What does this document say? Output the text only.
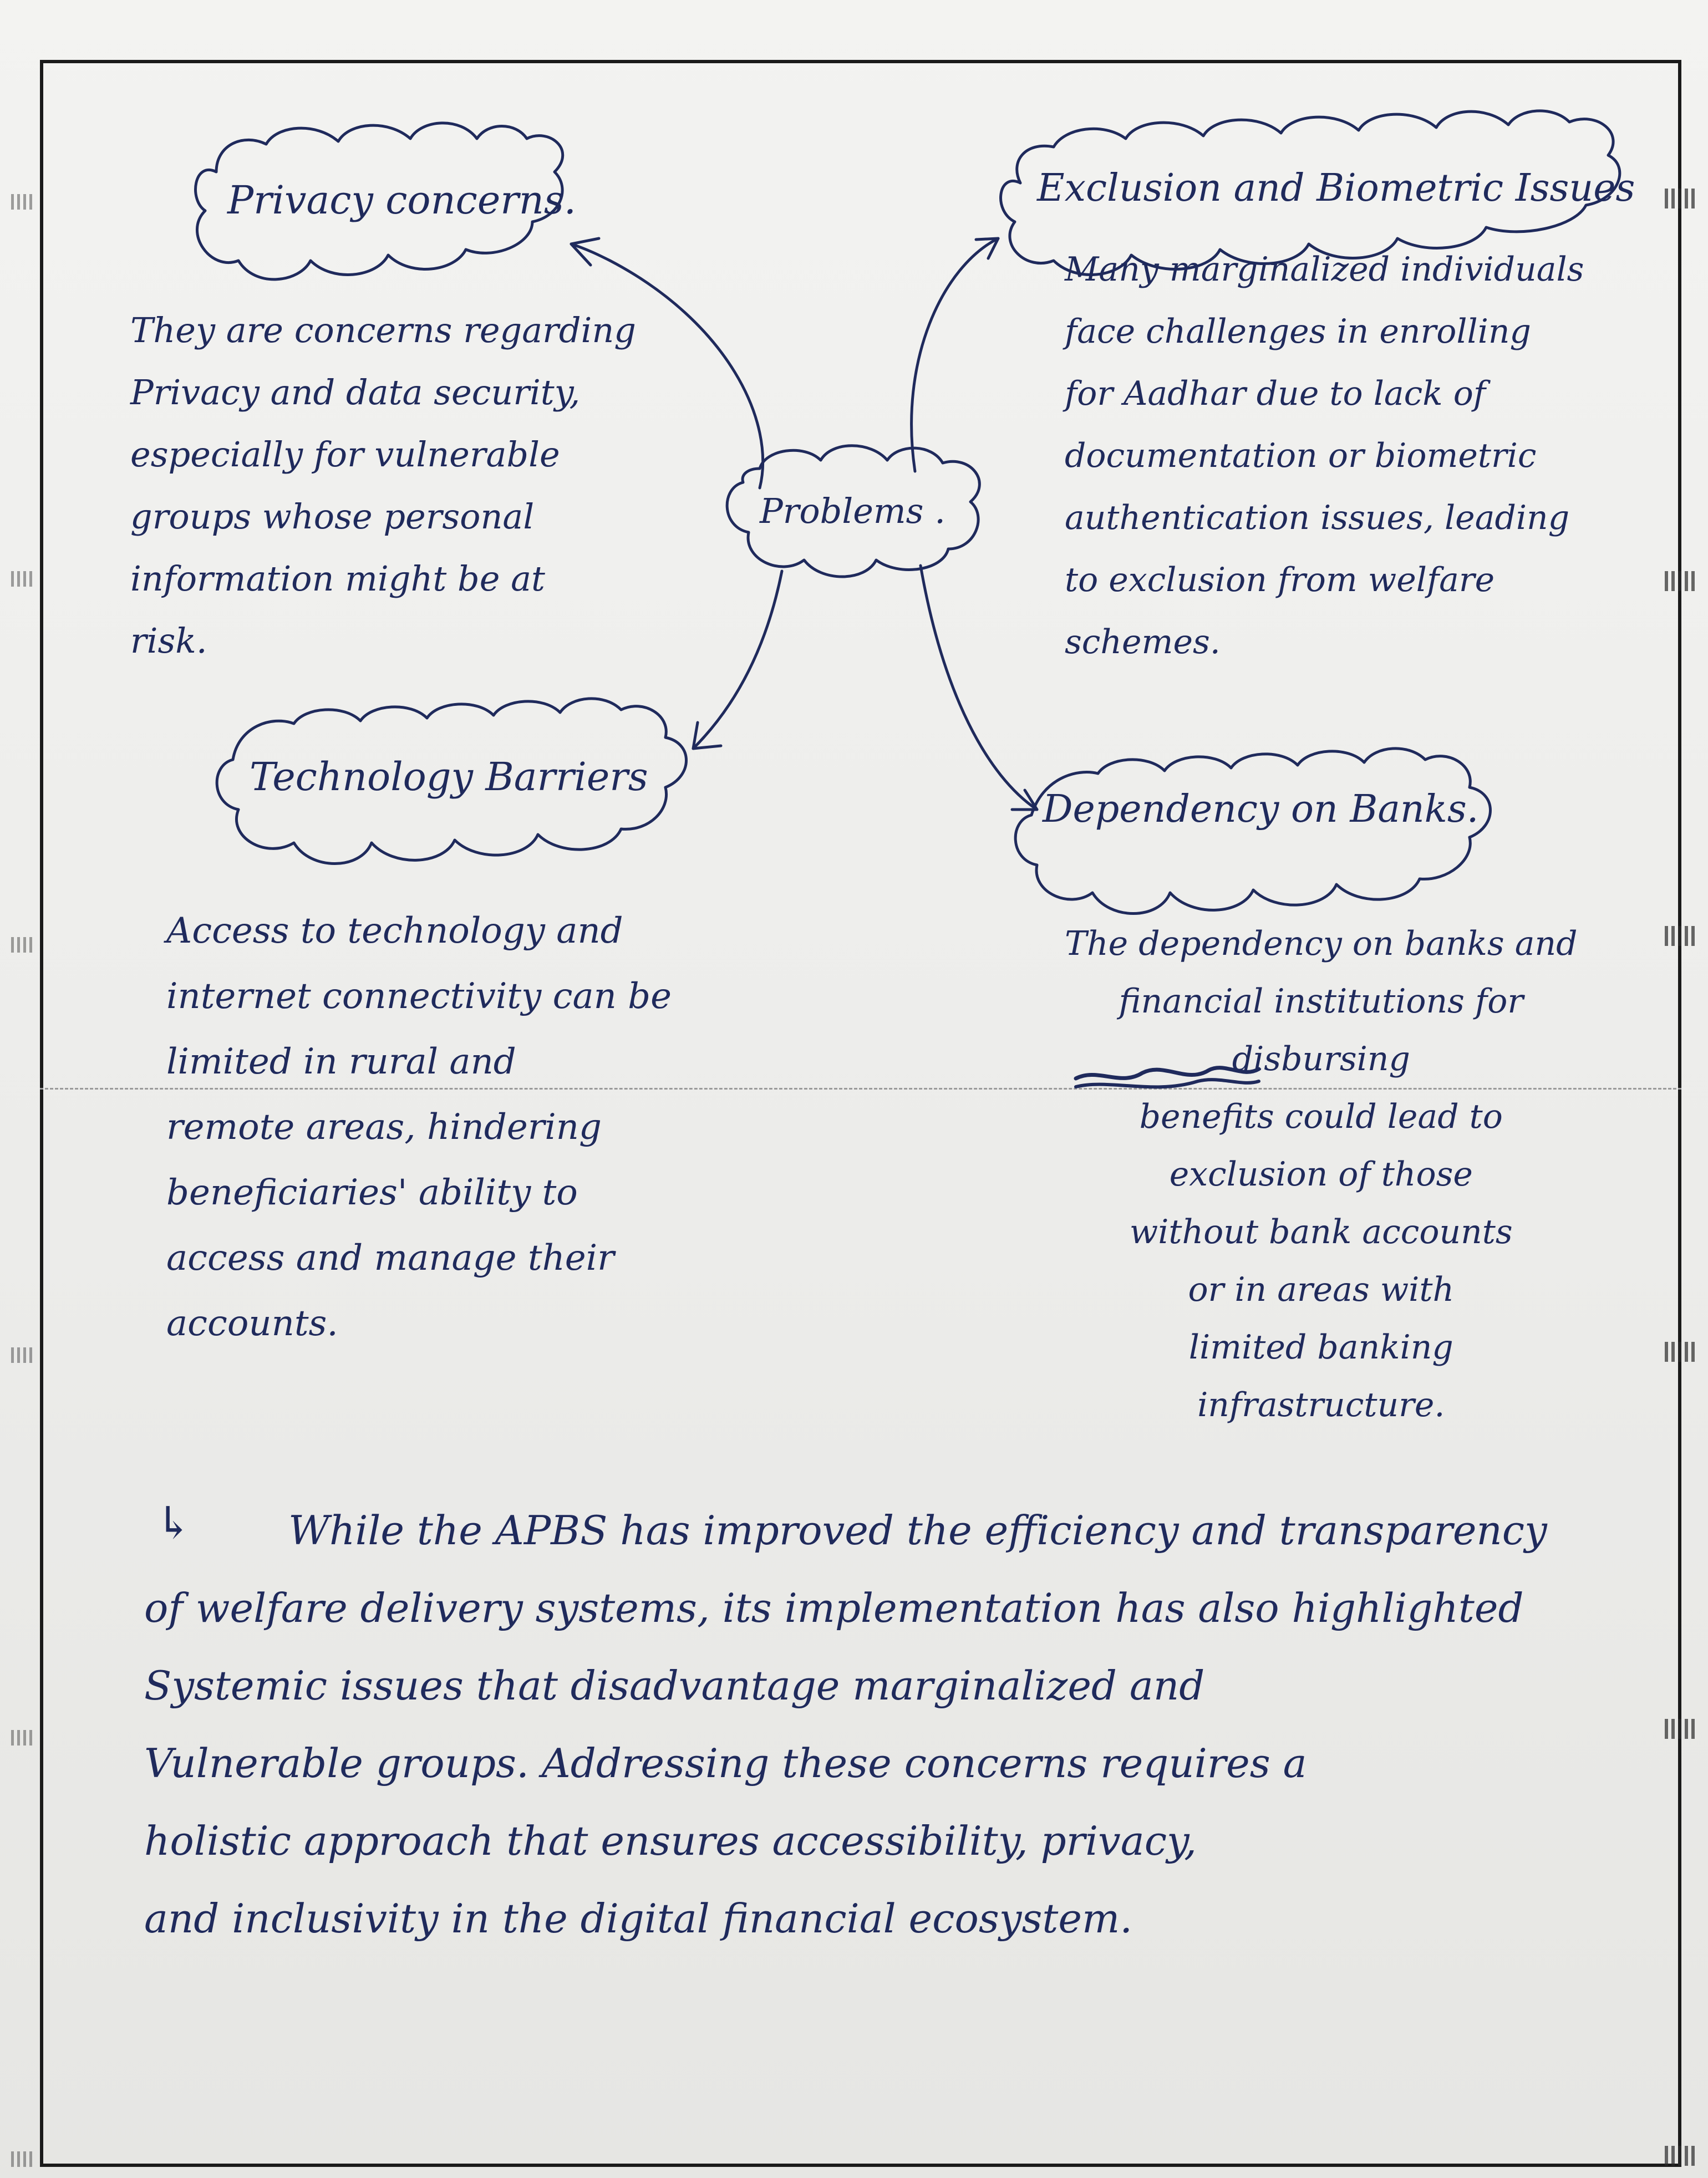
Privacy concerns.	Exclusion and Biometric Issues
Problems .
Technology Barriers
Dependency on Banks.
They are concerns regarding
Privacy and data security,
especially for vulnerable
groups whose personal
information might be at
risk.
Many marginalized individuals
face challenges in enrolling
for Aadhar due to lack of
documentation or biometric
authentication issues, leading
to exclusion from welfare
schemes.
Access to technology and
internet connectivity can be
limited in rural and
remote areas, hindering
beneficiaries' ability to
access and manage their
accounts.
The dependency on banks and
financial institutions for
disbursing
benefits could lead to
exclusion of those
without bank accounts
or in areas with
limited banking
infrastructure.
↳	While the APBS has improved the efficiency and transparency
of welfare delivery systems, its implementation has also highlighted
Systemic issues that disadvantage marginalized and
Vulnerable groups. Addressing these concerns requires a
holistic approach that ensures accessibility, privacy,
and inclusivity in the digital financial ecosystem.
